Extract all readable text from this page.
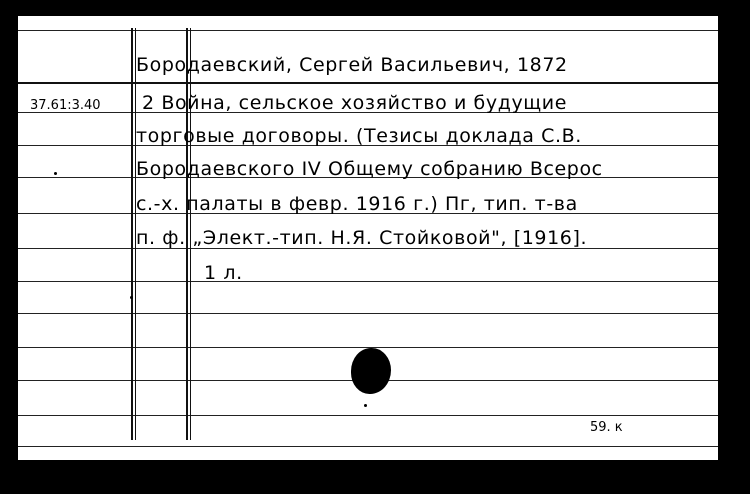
Бородаевский, Сергей Васильевич, 1872
37.61:3.40 2 Война, сельское хозяйство и будущие
торговые договоры. (Тезисы доклада С.В.
Бородаевского IV Общему собранию Всерос
с.-х. палаты в февр. 1916 г.) Пг, тип. т-ва
п. ф. „Элект.-тип. Н.Я. Стойковой", [1916].
1 л.
59. к
